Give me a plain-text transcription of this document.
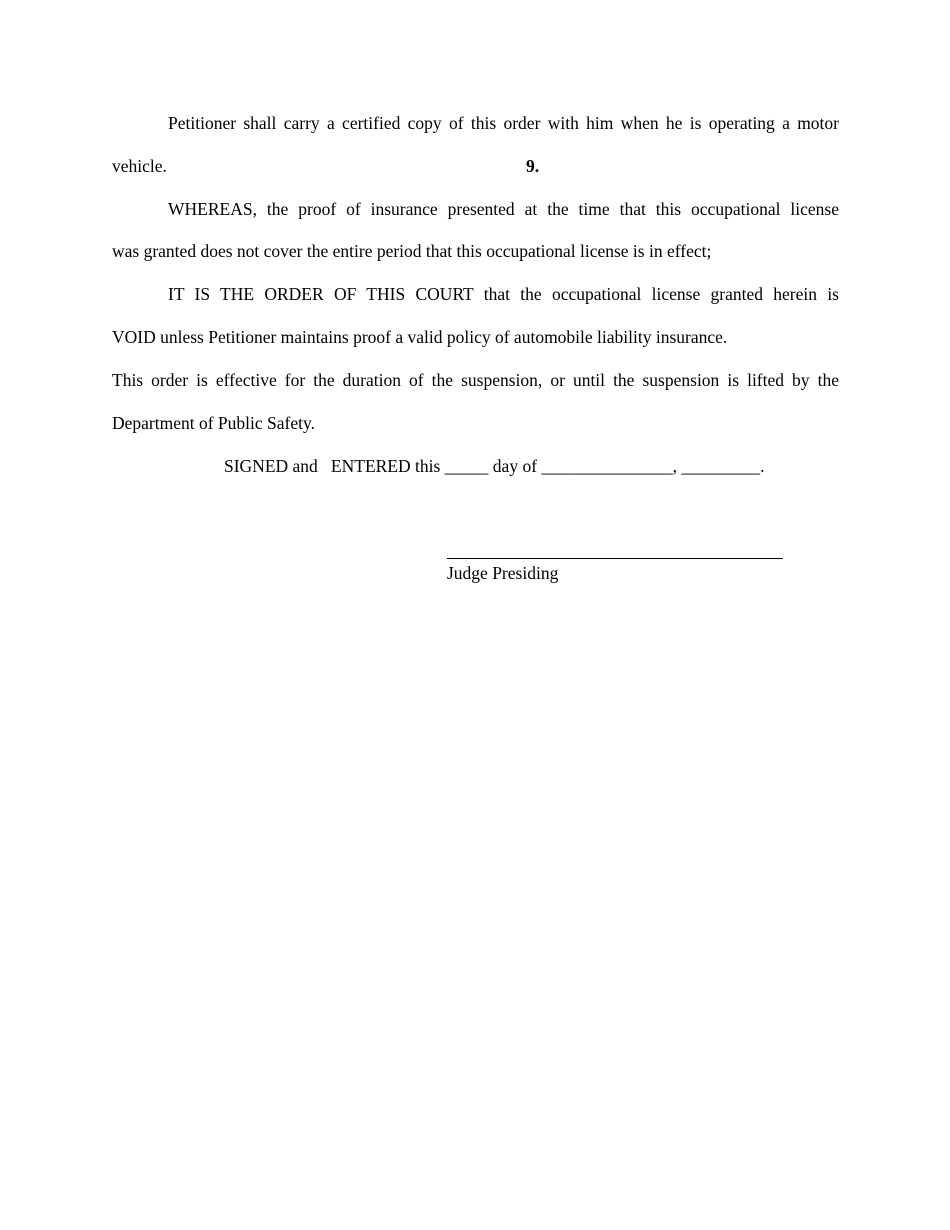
Petitioner shall carry a certified copy of this order with him when he is operating a motor
vehicle.	9.
WHEREAS, the proof of insurance presented at the time that this occupational license
was granted does not cover the entire period that this occupational license is in effect;
IT IS THE ORDER OF THIS COURT that the occupational license granted herein is
VOID unless Petitioner maintains proof a valid policy of automobile liability insurance.
This order is effective for the duration of the suspension, or until the suspension is lifted by the
Department of Public Safety.
SIGNED and   ENTERED this _____ day of _______________, _________.
Judge Presiding
